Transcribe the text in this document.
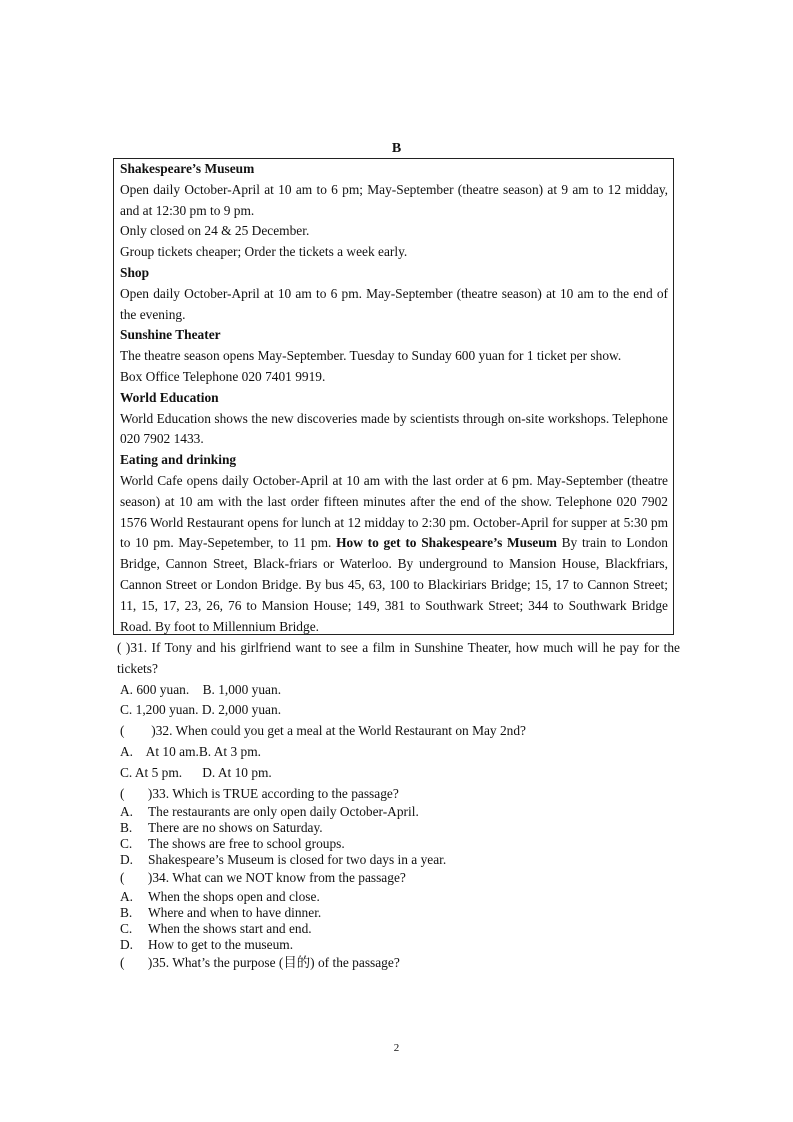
B

Shakespeare’s Museum

Open daily October-April at 10 am to 6 pm; May-September (theatre season) at 9 am to 12 midday, and at 12:30 pm to 9 pm.

Only closed on 24 & 25 December.

Group tickets cheaper; Order the tickets a week early.

Shop

Open daily October-April at 10 am to 6 pm. May-September (theatre season) at 10 am to the end of the evening.

Sunshine Theater

The theatre season opens May-September. Tuesday to Sunday 600 yuan for 1 ticket per show.

Box Office Telephone 020 7401 9919.

World Education

World Education shows the new discoveries made by scientists through on-site workshops. Telephone 020 7902 1433.

Eating and drinking

World Cafe opens daily October-April at 10 am with the last order at 6 pm. May-September (theatre season) at 10 am with the last order fifteen minutes after the end of the show. Telephone 020 7902 1576 World Restaurant opens for lunch at 12 midday to 2:30 pm. October-April for supper at 5:30 pm to 10 pm. May-Sepetember, to 11 pm. How to get to Shakespeare’s Museum By train to London Bridge, Cannon Street, Black-friars or Waterloo. By underground to Mansion House, Blackfriars, Cannon Street or London Bridge. By bus 45, 63, 100 to Blackiriars Bridge; 15, 17 to Cannon Street; 11, 15, 17, 23, 26, 76 to Mansion House; 149, 381 to Southwark Street; 344 to Southwark Bridge Road. By foot to Millennium Bridge.

( )31. If Tony and his girlfriend want to see a film in Sunshine Theater, how much will he pay for the tickets?

A. 600 yuan.    B. 1,000 yuan.

C. 1,200 yuan. D. 2,000 yuan.

(        )32. When could you get a meal at the World Restaurant on May 2nd?

A.    At 10 am.B. At 3 pm.

C. At 5 pm.      D. At 10 pm.

(       )33. Which is TRUE according to the passage?

A.	The restaurants are only open daily October-April.
B.	There are no shows on Saturday.
C.	The shows are free to school groups.
D.	Shakespeare’s Museum is closed for two days in a year.

(       )34. What can we NOT know from the passage?

A.	When the shops open and close.
B.	Where and when to have dinner.
C.	When the shows start and end.
D.	How to get to the museum.

(       )35. What’s the purpose (目的) of the passage?

2
